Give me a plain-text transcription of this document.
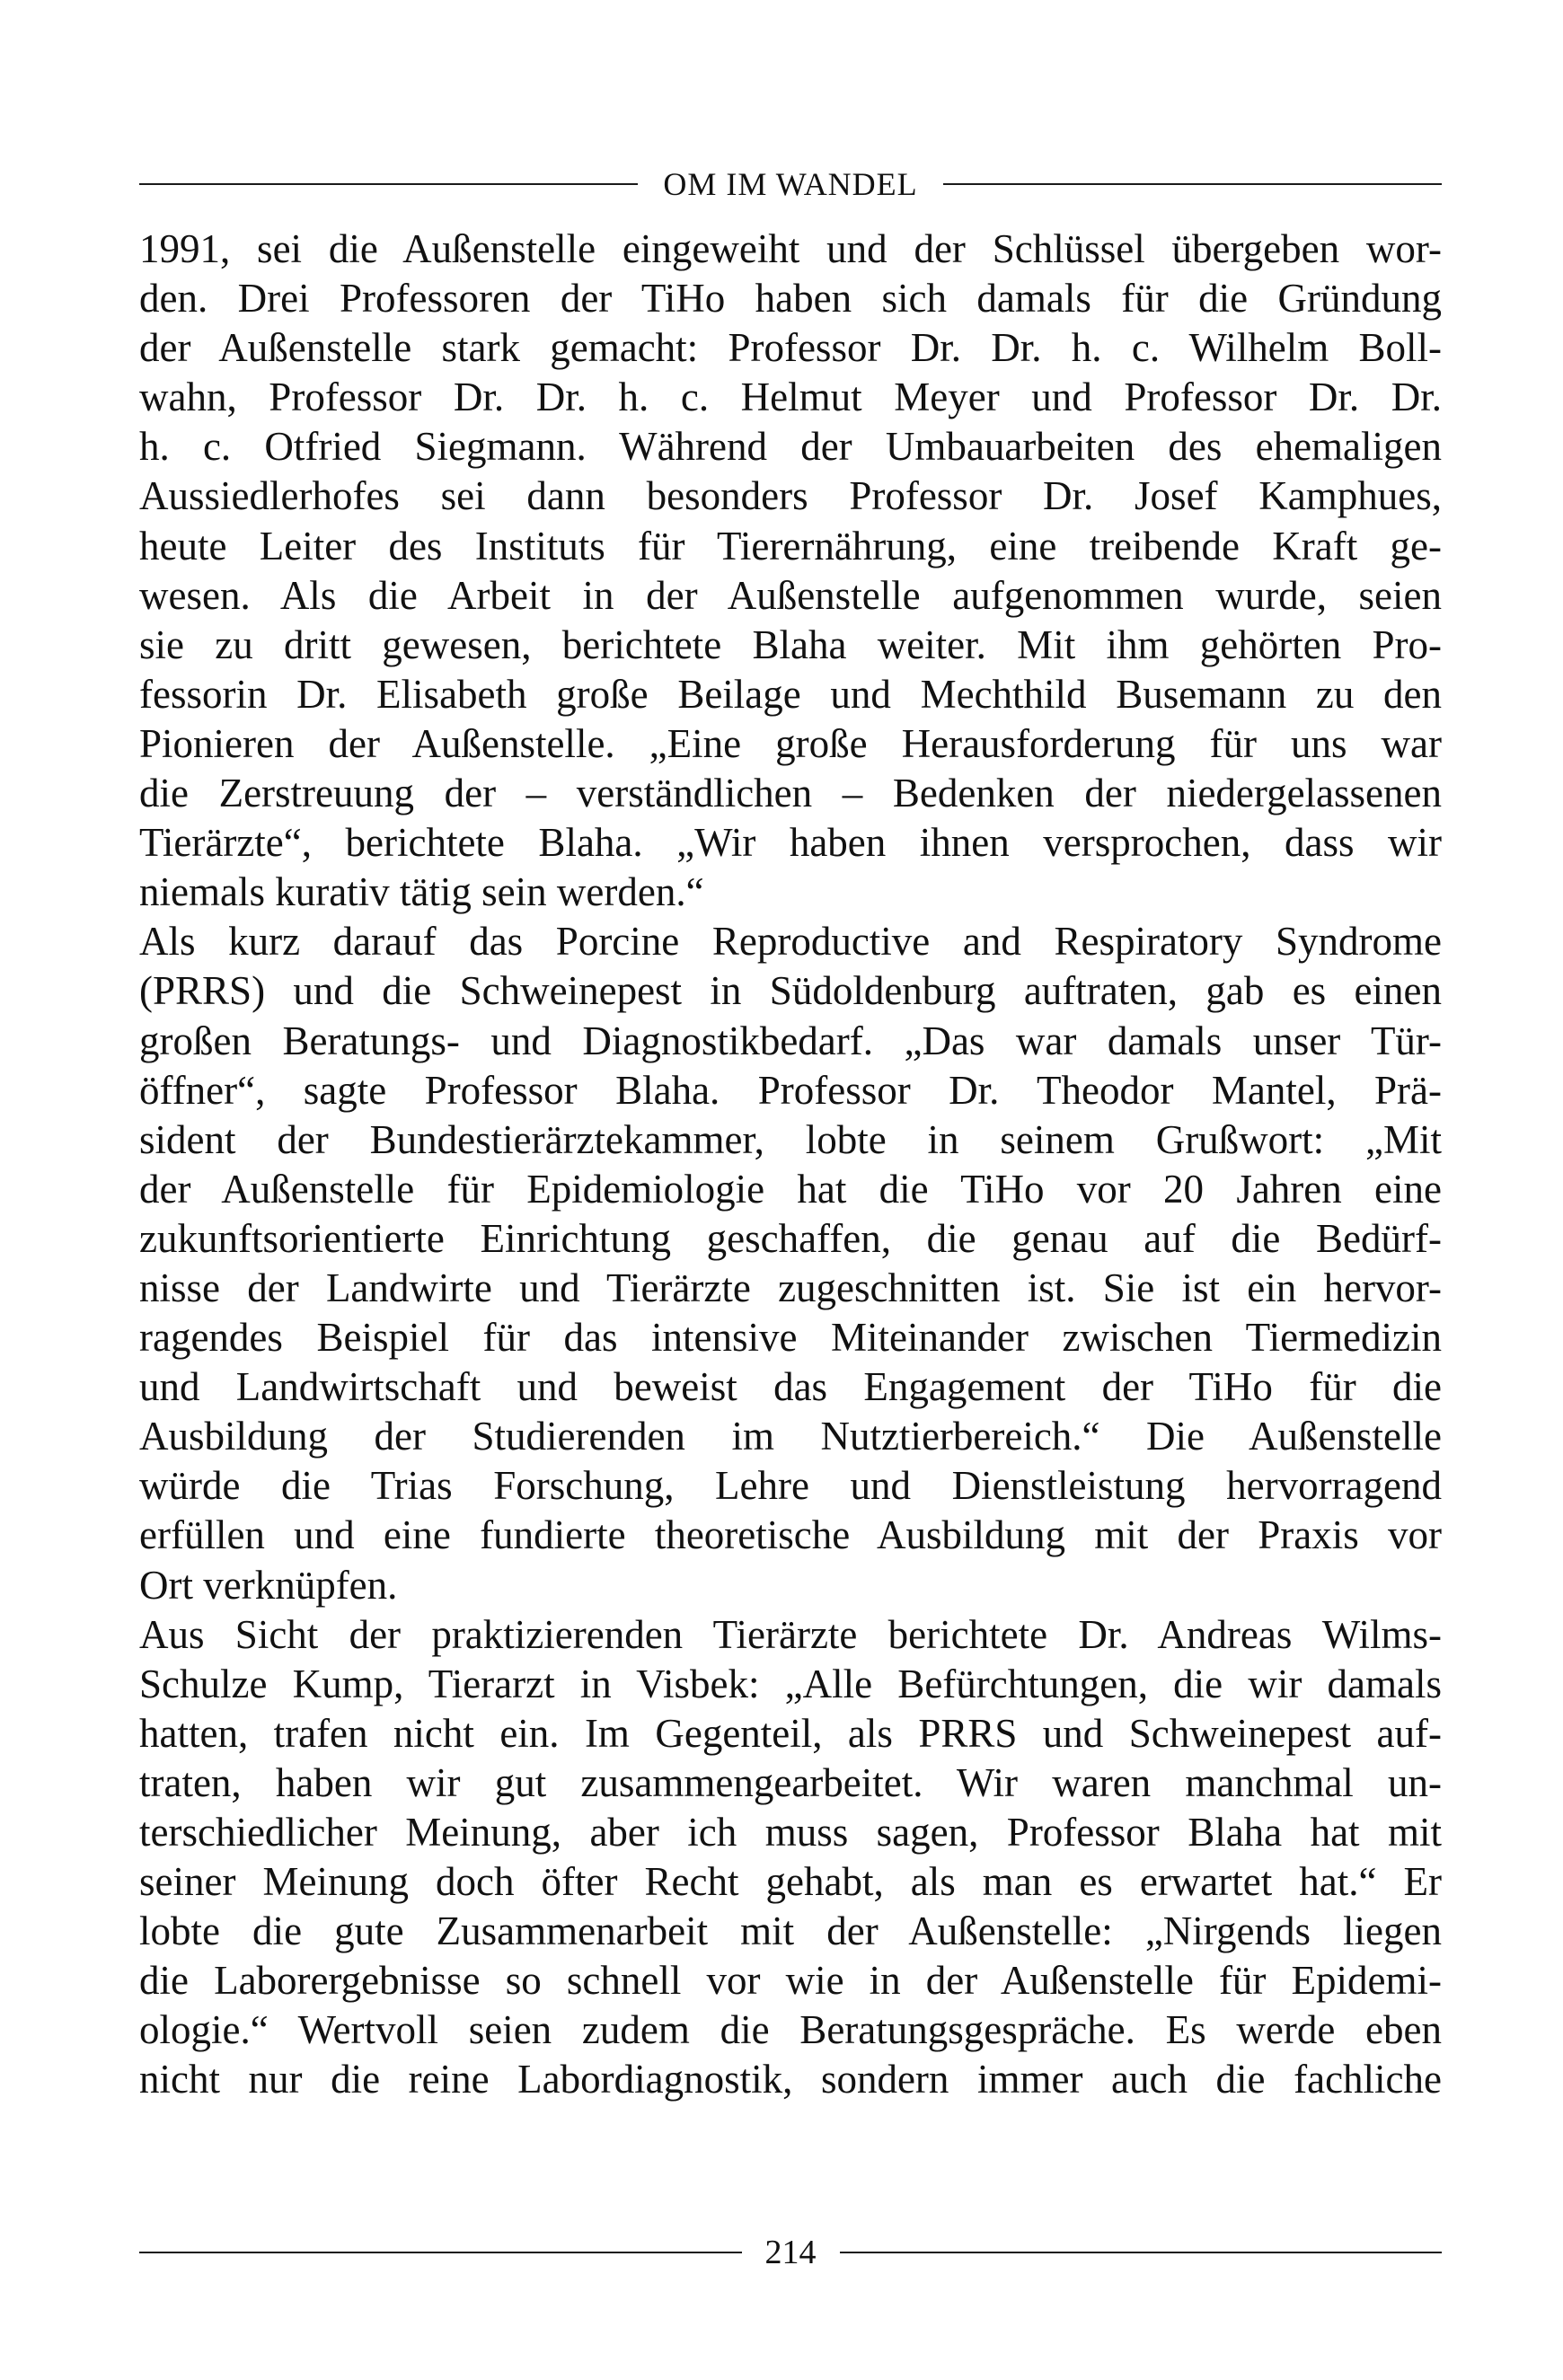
OM IM WANDEL
1991, sei die Außenstelle eingeweiht und der Schlüssel übergeben wor-
den. Drei Professoren der TiHo haben sich damals für die Gründung
der Außenstelle stark gemacht: Professor Dr. Dr. h. c. Wilhelm Boll-
wahn, Professor Dr. Dr. h. c. Helmut Meyer und Professor Dr. Dr.
h. c. Otfried Siegmann. Während der Umbauarbeiten des ehemaligen
Aussiedlerhofes sei dann besonders Professor Dr. Josef Kamphues,
heute Leiter des Instituts für Tierernährung, eine treibende Kraft ge-
wesen. Als die Arbeit in der Außenstelle aufgenommen wurde, seien
sie zu dritt gewesen, berichtete Blaha weiter. Mit ihm gehörten Pro-
fessorin Dr. Elisabeth große Beilage und Mechthild Busemann zu den
Pionieren der Außenstelle. „Eine große Herausforderung für uns war
die Zerstreuung der – verständlichen – Bedenken der niedergelassenen
Tierärzte“, berichtete Blaha. „Wir haben ihnen versprochen, dass wir
niemals kurativ tätig sein werden.“
Als kurz darauf das Porcine Reproductive and Respiratory Syndrome
(PRRS) und die Schweinepest in Südoldenburg auftraten, gab es einen
großen Beratungs- und Diagnostikbedarf. „Das war damals unser Tür-
öffner“, sagte Professor Blaha. Professor Dr. Theodor Mantel, Prä-
sident der Bundestierärztekammer, lobte in seinem Grußwort: „Mit
der Außenstelle für Epidemiologie hat die TiHo vor 20 Jahren eine
zukunftsorientierte Einrichtung geschaffen, die genau auf die Bedürf-
nisse der Landwirte und Tierärzte zugeschnitten ist. Sie ist ein hervor-
ragendes Beispiel für das intensive Miteinander zwischen Tiermedizin
und Landwirtschaft und beweist das Engagement der TiHo für die
Ausbildung der Studierenden im Nutztierbereich.“ Die Außenstelle
würde die Trias Forschung, Lehre und Dienstleistung hervorragend
erfüllen und eine fundierte theoretische Ausbildung mit der Praxis vor
Ort verknüpfen.
Aus Sicht der praktizierenden Tierärzte berichtete Dr. Andreas Wilms-
Schulze Kump, Tierarzt in Visbek: „Alle Befürchtungen, die wir damals
hatten, trafen nicht ein. Im Gegenteil, als PRRS und Schweinepest auf-
traten, haben wir gut zusammengearbeitet. Wir waren manchmal un-
terschiedlicher Meinung, aber ich muss sagen, Professor Blaha hat mit
seiner Meinung doch öfter Recht gehabt, als man es erwartet hat.“ Er
lobte die gute Zusammenarbeit mit der Außenstelle: „Nirgends liegen
die Laborergebnisse so schnell vor wie in der Außenstelle für Epidemi-
ologie.“ Wertvoll seien zudem die Beratungsgespräche. Es werde eben
nicht nur die reine Labordiagnostik, sondern immer auch die fachliche
214
